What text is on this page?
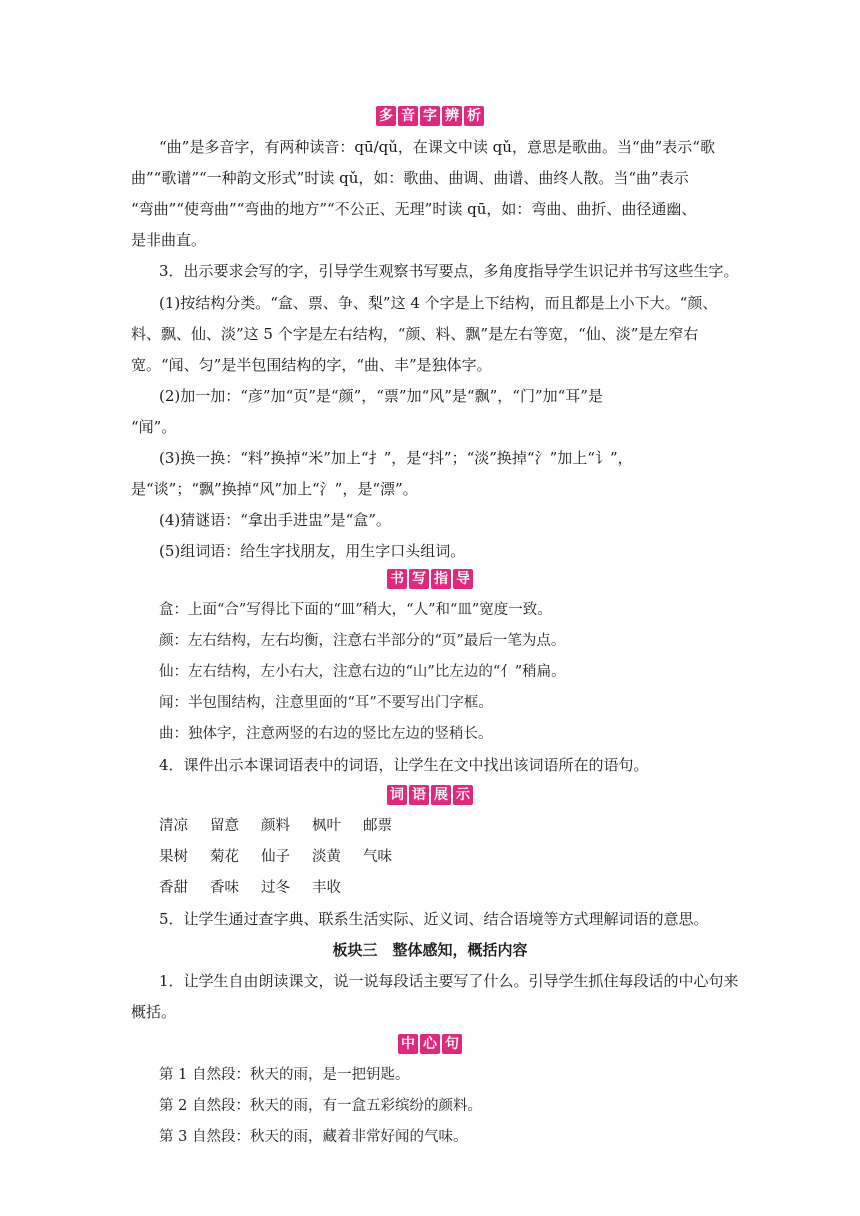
多 音 字 辨 析
“曲”是多音字，有两种读音：qū/qǔ，在课文中读 qǔ，意思是歌曲。当“曲”表示“歌
曲”“歌谱”“一种韵文形式”时读 qǔ，如：歌曲、曲调、曲谱、曲终人散。当“曲”表示
“弯曲”“使弯曲”“弯曲的地方”“不公正、无理”时读 qū，如：弯曲、曲折、曲径通幽、
是非曲直。
3．出示要求会写的字，引导学生观察书写要点，多角度指导学生识记并书写这些生字。
(1)按结构分类。“盒、票、争、梨”这 4 个字是上下结构，而且都是上小下大。“颜、
料、飘、仙、淡”这 5 个字是左右结构，“颜、料、飘”是左右等宽，“仙、淡”是左窄右
宽。“闻、匀”是半包围结构的字，“曲、丰”是独体字。
(2)加一加：“彦”加“页”是“颜”，“票”加“风”是“飘”，“门”加“耳”是
“闻”。
(3)换一换：“料”换掉“米”加上“扌”，是“抖”；“淡”换掉“氵”加上“讠”，
是“谈”；“飘”换掉“风”加上“氵”，是“漂”。
(4)猜谜语：“拿出手进盅”是“盒”。
(5)组词语：给生字找朋友，用生字口头组词。
书 写 指 导
盒：上面“合”写得比下面的“皿”稍大，“人”和“皿”宽度一致。
颜：左右结构，左右均衡，注意右半部分的“页”最后一笔为点。
仙：左右结构，左小右大，注意右边的“山”比左边的“亻”稍扁。
闻：半包围结构，注意里面的“耳”不要写出门字框。
曲：独体字，注意两竖的右边的竖比左边的竖稍长。
4．课件出示本课词语表中的词语，让学生在文中找出该词语所在的语句。
词 语 展 示
清凉 留意 颜料 枫叶 邮票
果树 菊花 仙子 淡黄 气味
香甜 香味 过冬 丰收
5．让学生通过查字典、联系生活实际、近义词、结合语境等方式理解词语的意思。
板块三　整体感知，概括内容
1．让学生自由朗读课文，说一说每段话主要写了什么。引导学生抓住每段话的中心句来
概括。
中 心 句
第 1 自然段：秋天的雨，是一把钥匙。
第 2 自然段：秋天的雨，有一盒五彩缤纷的颜料。
第 3 自然段：秋天的雨，藏着非常好闻的气味。
